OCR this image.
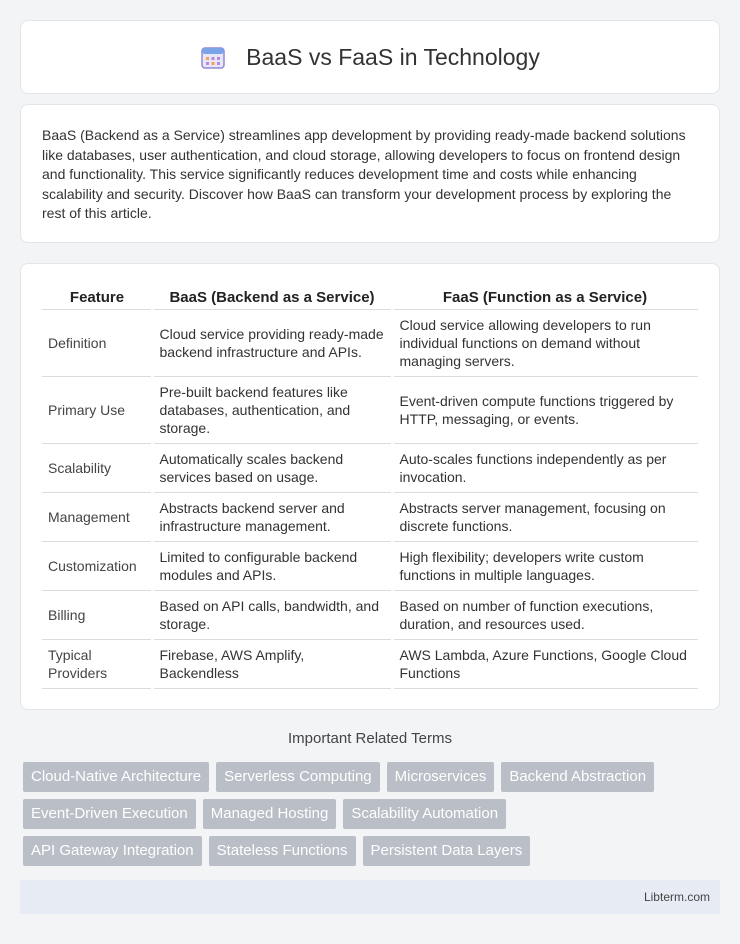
BaaS vs FaaS in Technology

BaaS (Backend as a Service) streamlines app development by providing ready-made backend solutions like databases, user authentication, and cloud storage, allowing developers to focus on frontend design and functionality. This service significantly reduces development time and costs while enhancing scalability and security. Discover how BaaS can transform your development process by exploring the rest of this article.

Feature	BaaS (Backend as a Service)	FaaS (Function as a Service)
Definition	Cloud service providing ready-made backend infrastructure and APIs.	Cloud service allowing developers to run individual functions on demand without managing servers.
Primary Use	Pre-built backend features like databases, authentication, and storage.	Event-driven compute functions triggered by HTTP, messaging, or events.
Scalability	Automatically scales backend services based on usage.	Auto-scales functions independently as per invocation.
Management	Abstracts backend server and infrastructure management.	Abstracts server management, focusing on discrete functions.
Customization	Limited to configurable backend modules and APIs.	High flexibility; developers write custom functions in multiple languages.
Billing	Based on API calls, bandwidth, and storage.	Based on number of function executions, duration, and resources used.
Typical Providers	Firebase, AWS Amplify, Backendless	AWS Lambda, Azure Functions, Google Cloud Functions
Important Related Terms
Cloud-Native Architecture	Serverless Computing	Microservices	Backend Abstraction
Event-Driven Execution	Managed Hosting	Scalability Automation
API Gateway Integration	Stateless Functions	Persistent Data Layers
Libterm.com
